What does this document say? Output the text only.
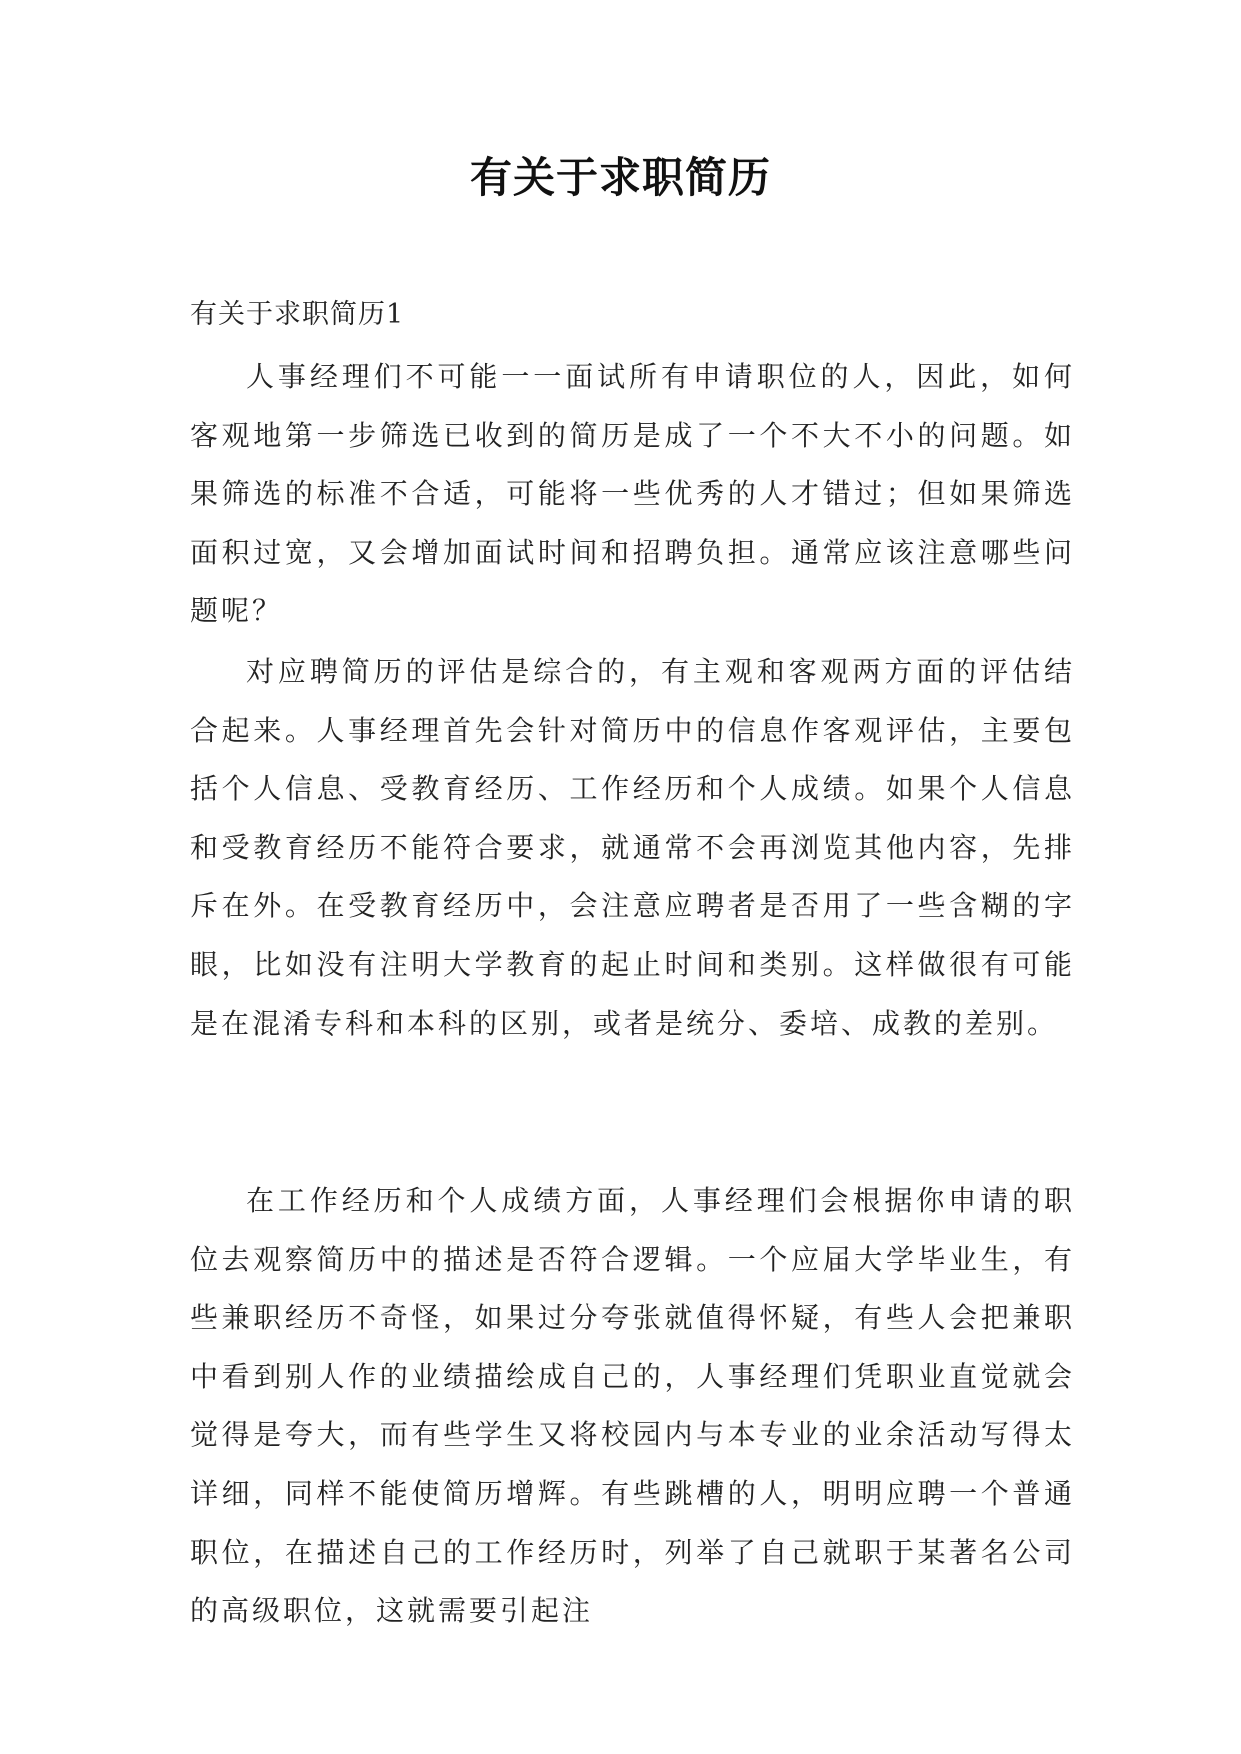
有关于求职简历
有关于求职简历1

人事经理们不可能一一面试所有申请职位的人，因此，如何客观地第一步筛选已收到的简历是成了一个不大不小的问题。如果筛选的标准不合适，可能将一些优秀的人才错过；但如果筛选面积过宽，又会增加面试时间和招聘负担。通常应该注意哪些问题呢？

对应聘简历的评估是综合的，有主观和客观两方面的评估结合起来。人事经理首先会针对简历中的信息作客观评估，主要包括个人信息、受教育经历、工作经历和个人成绩。如果个人信息和受教育经历不能符合要求，就通常不会再浏览其他内容，先排斥在外。在受教育经历中，会注意应聘者是否用了一些含糊的字眼，比如没有注明大学教育的起止时间和类别。这样做很有可能是在混淆专科和本科的区别，或者是统分、委培、成教的差别。

在工作经历和个人成绩方面，人事经理们会根据你申请的职位去观察简历中的描述是否符合逻辑。一个应届大学毕业生，有些兼职经历不奇怪，如果过分夸张就值得怀疑，有些人会把兼职中看到别人作的业绩描绘成自己的，人事经理们凭职业直觉就会觉得是夸大，而有些学生又将校园内与本专业的业余活动写得太详细，同样不能使简历增辉。有些跳槽的人，明明应聘一个普通职位，在描述自己的工作经历时，列举了自己就职于某著名公司的高级职位，这就需要引起注
